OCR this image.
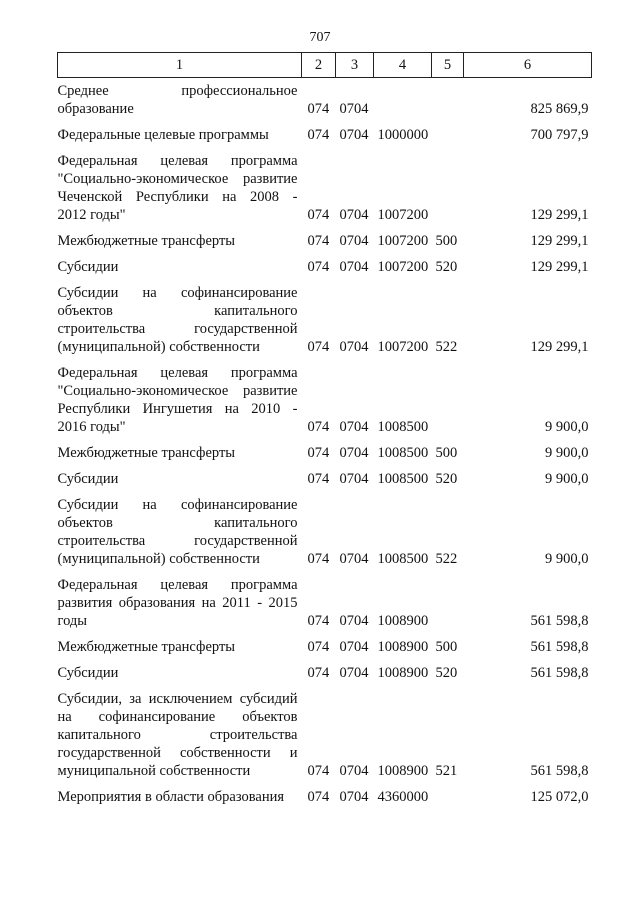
707
1	2	3	4	5	6

Среднее профессиональное
образование	074	0704			825 869,9

Федеральные целевые программы	074	0704	1000000		700 797,9

Федеральная целевая программа
"Социально-экономическое развитие
Чеченской Республики на 2008 -
2012 годы"	074	0704	1007200		129 299,1

Межбюджетные трансферты	074	0704	1007200	500	129 299,1

Субсидии	074	0704	1007200	520	129 299,1

Субсидии на софинансирование
объектов капитального
строительства государственной
(муниципальной) собственности	074	0704	1007200	522	129 299,1

Федеральная целевая программа
"Социально-экономическое развитие
Республики Ингушетия на 2010 -
2016 годы"	074	0704	1008500		9 900,0

Межбюджетные трансферты	074	0704	1008500	500	9 900,0

Субсидии	074	0704	1008500	520	9 900,0

Субсидии на софинансирование
объектов капитального
строительства государственной
(муниципальной) собственности	074	0704	1008500	522	9 900,0

Федеральная целевая программа
развития образования на 2011 - 2015
годы	074	0704	1008900		561 598,8

Межбюджетные трансферты	074	0704	1008900	500	561 598,8

Субсидии	074	0704	1008900	520	561 598,8

Субсидии, за исключением субсидий
на софинансирование объектов
капитального строительства
государственной собственности и
муниципальной собственности	074	0704	1008900	521	561 598,8

Мероприятия в области образования	074	0704	4360000		125 072,0
